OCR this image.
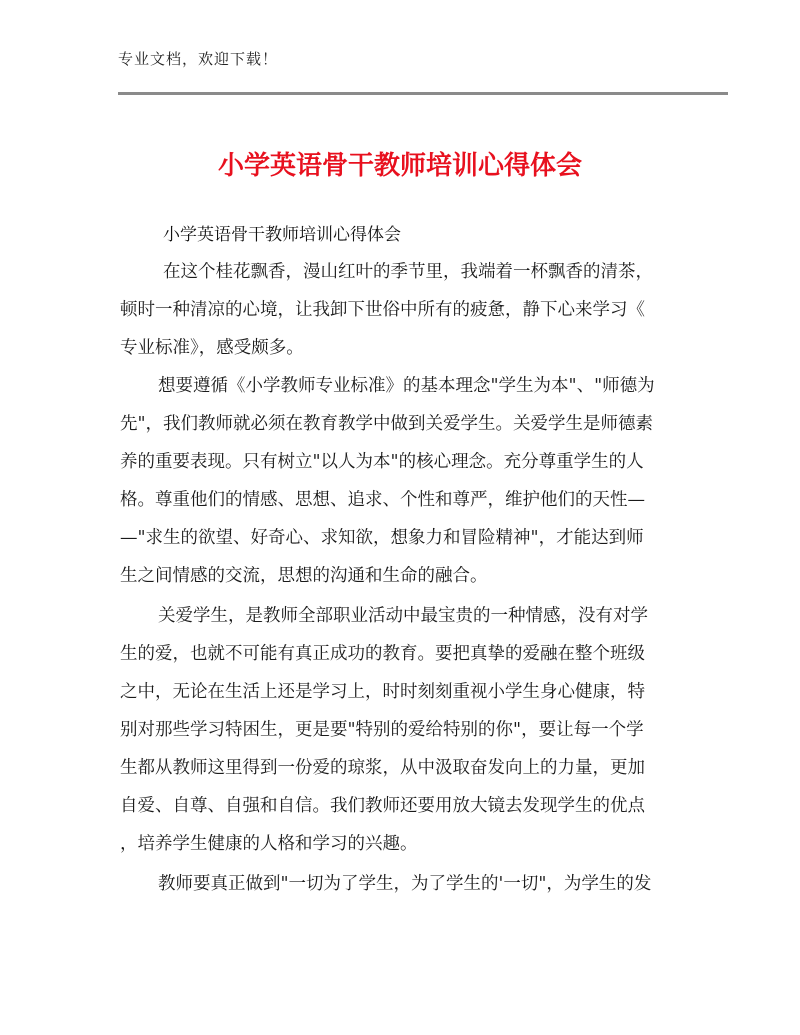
专业文档，欢迎下载！
小学英语骨干教师培训心得体会
小学英语骨干教师培训心得体会
在这个桂花飘香，漫山红叶的季节里，我端着一杯飘香的清茶，
顿时一种清凉的心境，让我卸下世俗中所有的疲惫，静下心来学习《
专业标准》，感受颇多。
想要遵循《小学教师专业标准》的基本理念"学生为本"、"师德为
先"，我们教师就必须在教育教学中做到关爱学生。关爱学生是师德素
养的重要表现。只有树立"以人为本"的核心理念。充分尊重学生的人
格。尊重他们的情感、思想、追求、个性和尊严，维护他们的天性—
—"求生的欲望、好奇心、求知欲，想象力和冒险精神"，才能达到师
生之间情感的交流，思想的沟通和生命的融合。
关爱学生，是教师全部职业活动中最宝贵的一种情感，没有对学
生的爱，也就不可能有真正成功的教育。要把真挚的爱融在整个班级
之中，无论在生活上还是学习上，时时刻刻重视小学生身心健康，特
别对那些学习特困生，更是要"特别的爱给特别的你"，要让每一个学
生都从教师这里得到一份爱的琼浆，从中汲取奋发向上的力量，更加
自爱、自尊、自强和自信。我们教师还要用放大镜去发现学生的优点
，培养学生健康的人格和学习的兴趣。
教师要真正做到"一切为了学生，为了学生的'一切"，为学生的发
